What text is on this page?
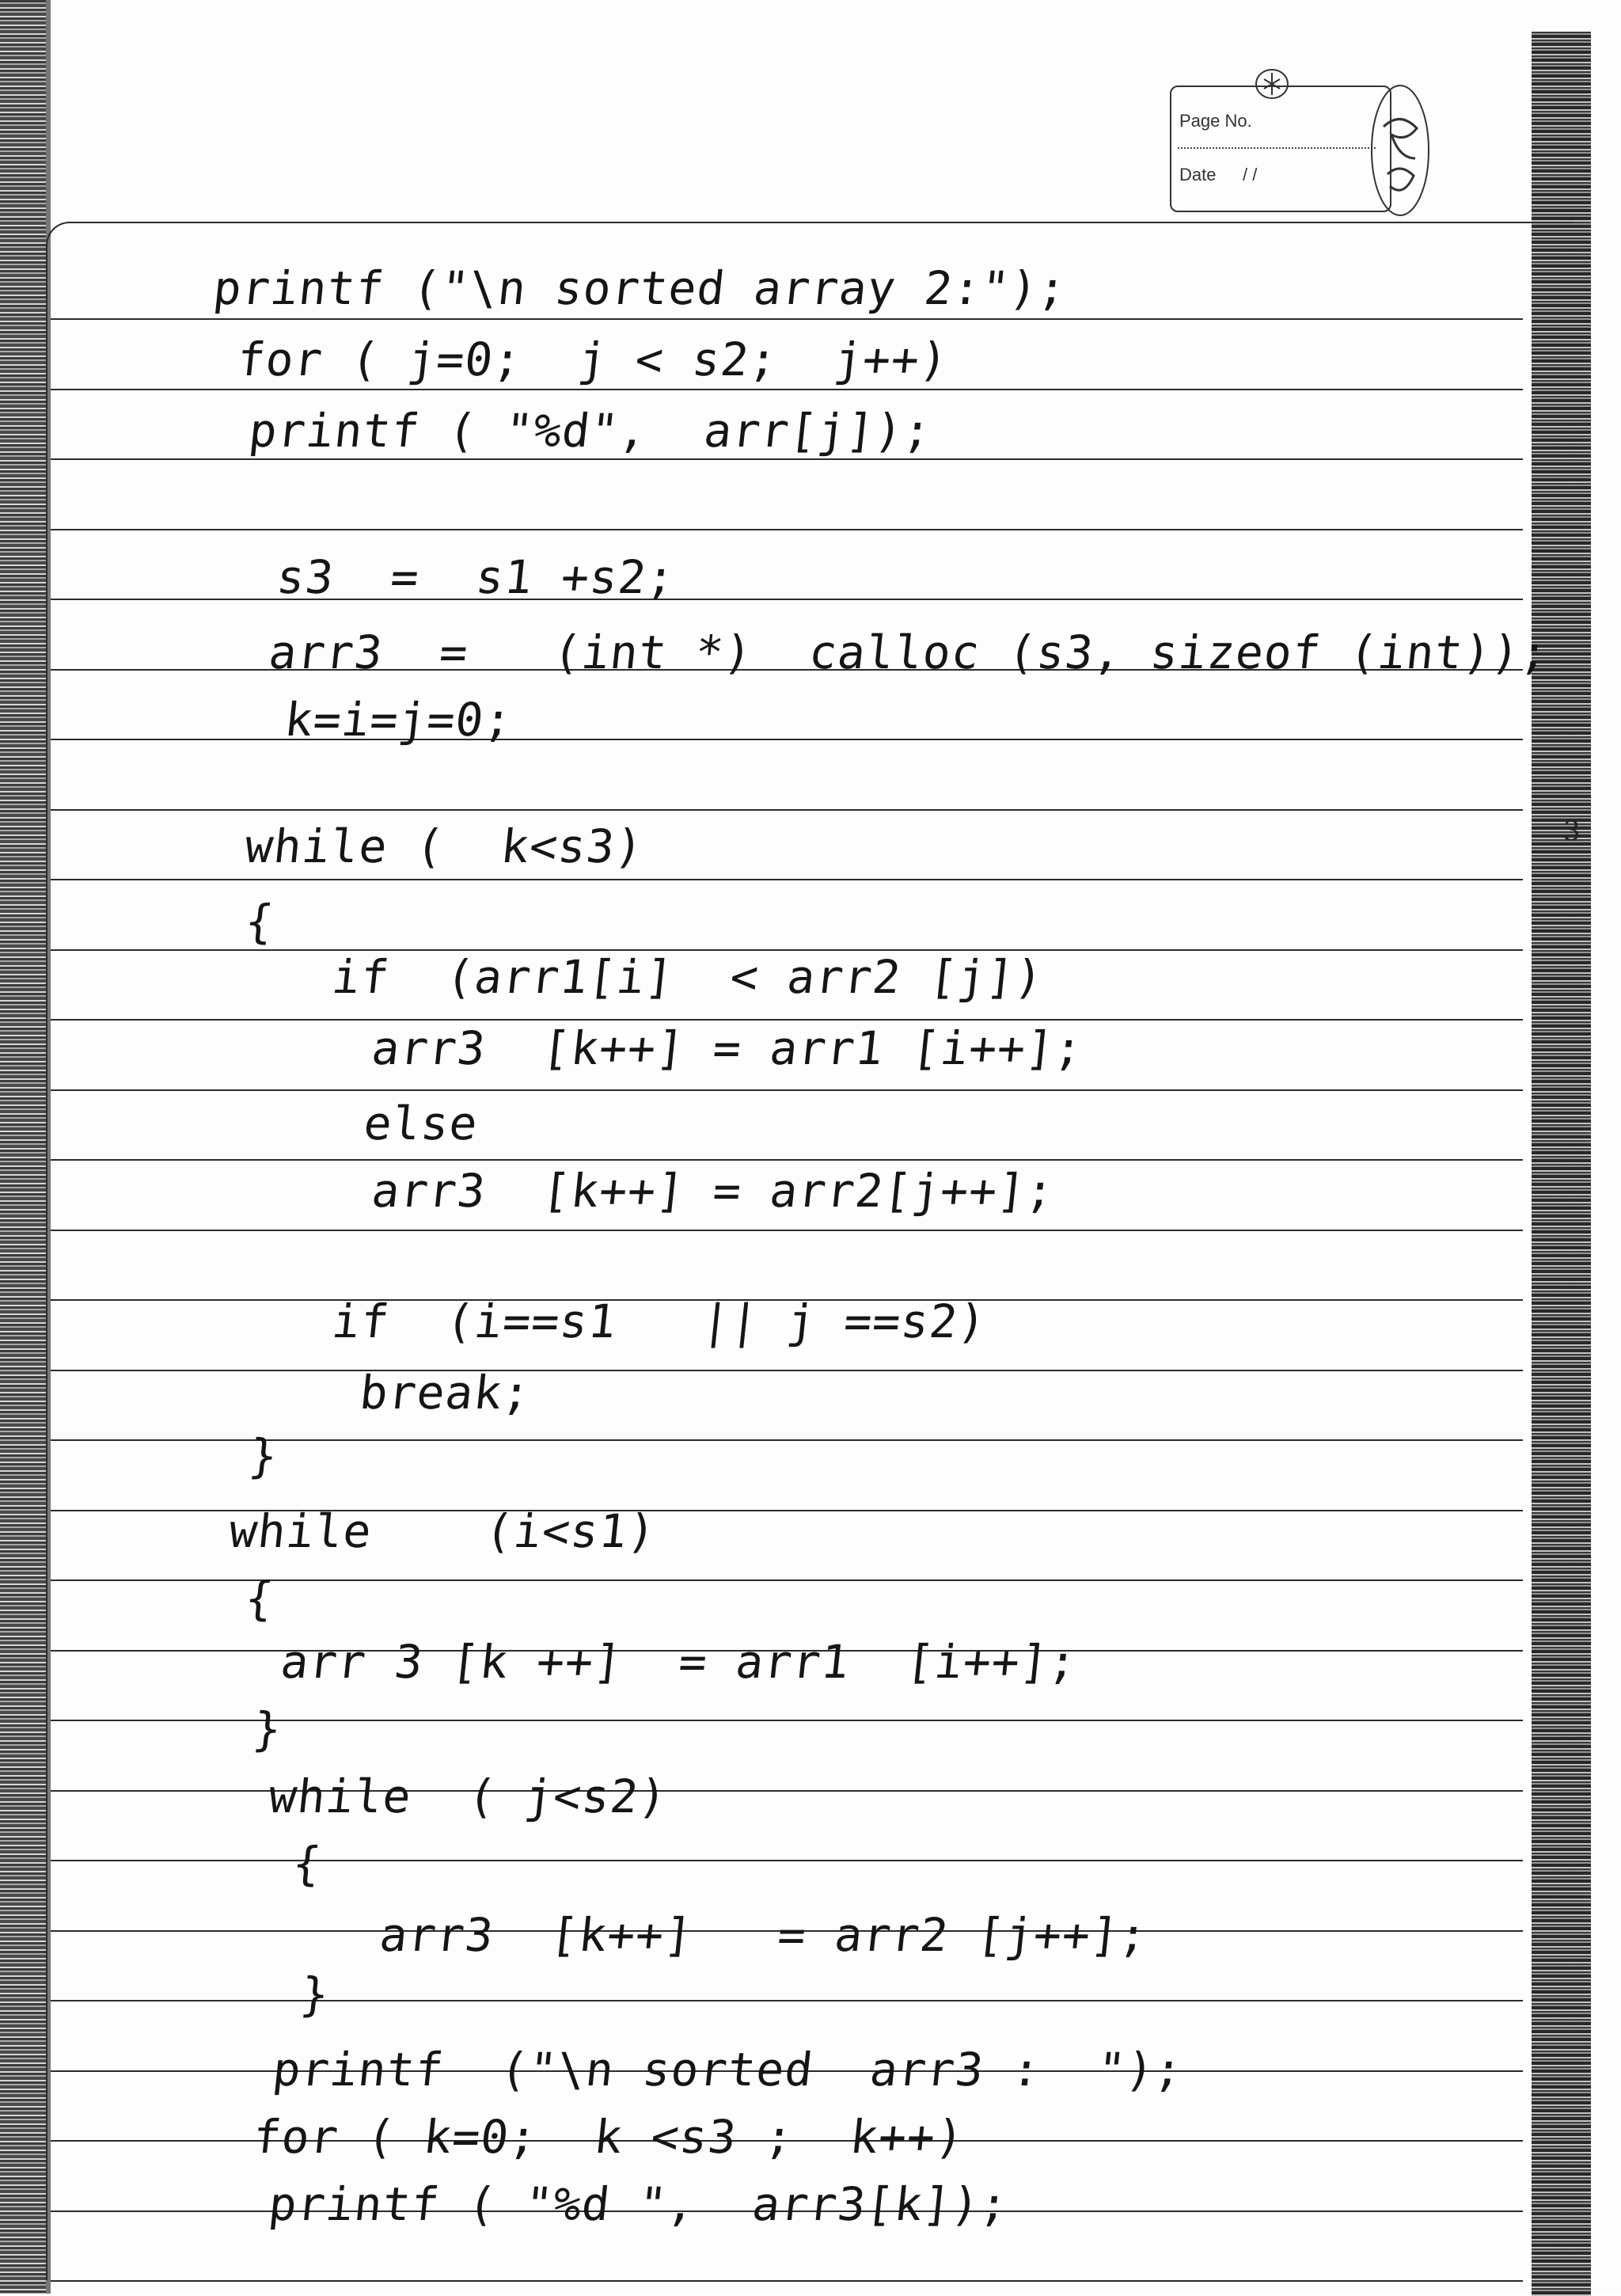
3
Page No.
Date / /
printf ("\n sorted array 2:");
for ( j=0;  j < s2;  j++)
printf ( "%d",  arr[j]);
s3  =  s1 +s2;
arr3  =   (int *)  calloc (s3, sizeof (int));
k=i=j=0;
while (  k<s3)
{
if  (arr1[i]  < arr2 [j])
arr3  [k++] = arr1 [i++];
else
arr3  [k++] = arr2[j++];
if  (i==s1   || j ==s2)
break;
}
while    (i<s1)
{
arr 3 [k ++]  = arr1  [i++];
}
while  ( j<s2)
{
arr3  [k++]   = arr2 [j++];
}
printf  ("\n sorted  arr3 :  ");
for ( k=0;  k <s3 ;  k++)
printf ( "%d ",  arr3[k]);
